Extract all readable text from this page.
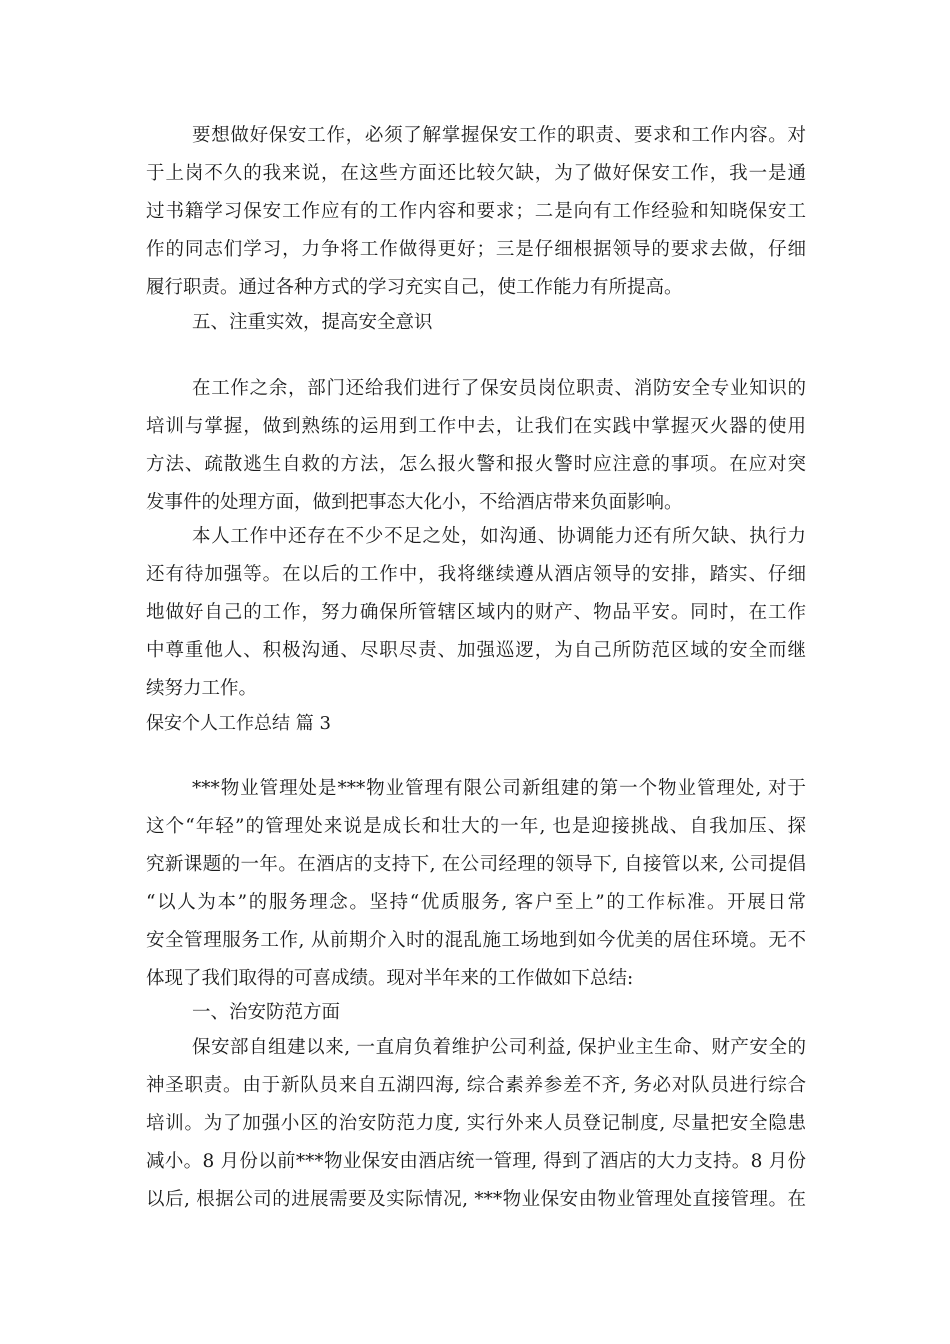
要想做好保安工作，必须了解掌握保安工作的职责、要求和工作内容。对
于上岗不久的我来说，在这些方面还比较欠缺，为了做好保安工作，我一是通
过书籍学习保安工作应有的工作内容和要求；二是向有工作经验和知晓保安工
作的同志们学习，力争将工作做得更好；三是仔细根据领导的要求去做，仔细
履行职责。通过各种方式的学习充实自己，使工作能力有所提高。
五、注重实效，提高安全意识
在工作之余，部门还给我们进行了保安员岗位职责、消防安全专业知识的
培训与掌握，做到熟练的运用到工作中去，让我们在实践中掌握灭火器的使用
方法、疏散逃生自救的方法，怎么报火警和报火警时应注意的事项。在应对突
发事件的处理方面，做到把事态大化小，不给酒店带来负面影响。
本人工作中还存在不少不足之处，如沟通、协调能力还有所欠缺、执行力
还有待加强等。在以后的工作中，我将继续遵从酒店领导的安排，踏实、仔细
地做好自己的工作，努力确保所管辖区域内的财产、物品平安。同时，在工作
中尊重他人、积极沟通、尽职尽责、加强巡逻，为自己所防范区域的安全而继
续努力工作。
保安个人工作总结 篇 3
***物业管理处是***物业管理有限公司新组建的第一个物业管理处, 对于
这个“年轻”的管理处来说是成长和壮大的一年, 也是迎接挑战、自我加压、探
究新课题的一年。在酒店的支持下, 在公司经理的领导下, 自接管以来, 公司提倡
“以人为本”的服务理念。坚持“优质服务, 客户至上”的工作标准。开展日常
安全管理服务工作, 从前期介入时的混乱施工场地到如今优美的居住环境。无不
体现了我们取得的可喜成绩。现对半年来的工作做如下总结:
一、治安防范方面
保安部自组建以来, 一直肩负着维护公司利益, 保护业主生命、财产安全的
神圣职责。由于新队员来自五湖四海, 综合素养参差不齐, 务必对队员进行综合
培训。为了加强小区的治安防范力度, 实行外来人员登记制度, 尽量把安全隐患
减小。8 月份以前***物业保安由酒店统一管理, 得到了酒店的大力支持。8 月份
以后, 根据公司的进展需要及实际情况, ***物业保安由物业管理处直接管理。在
